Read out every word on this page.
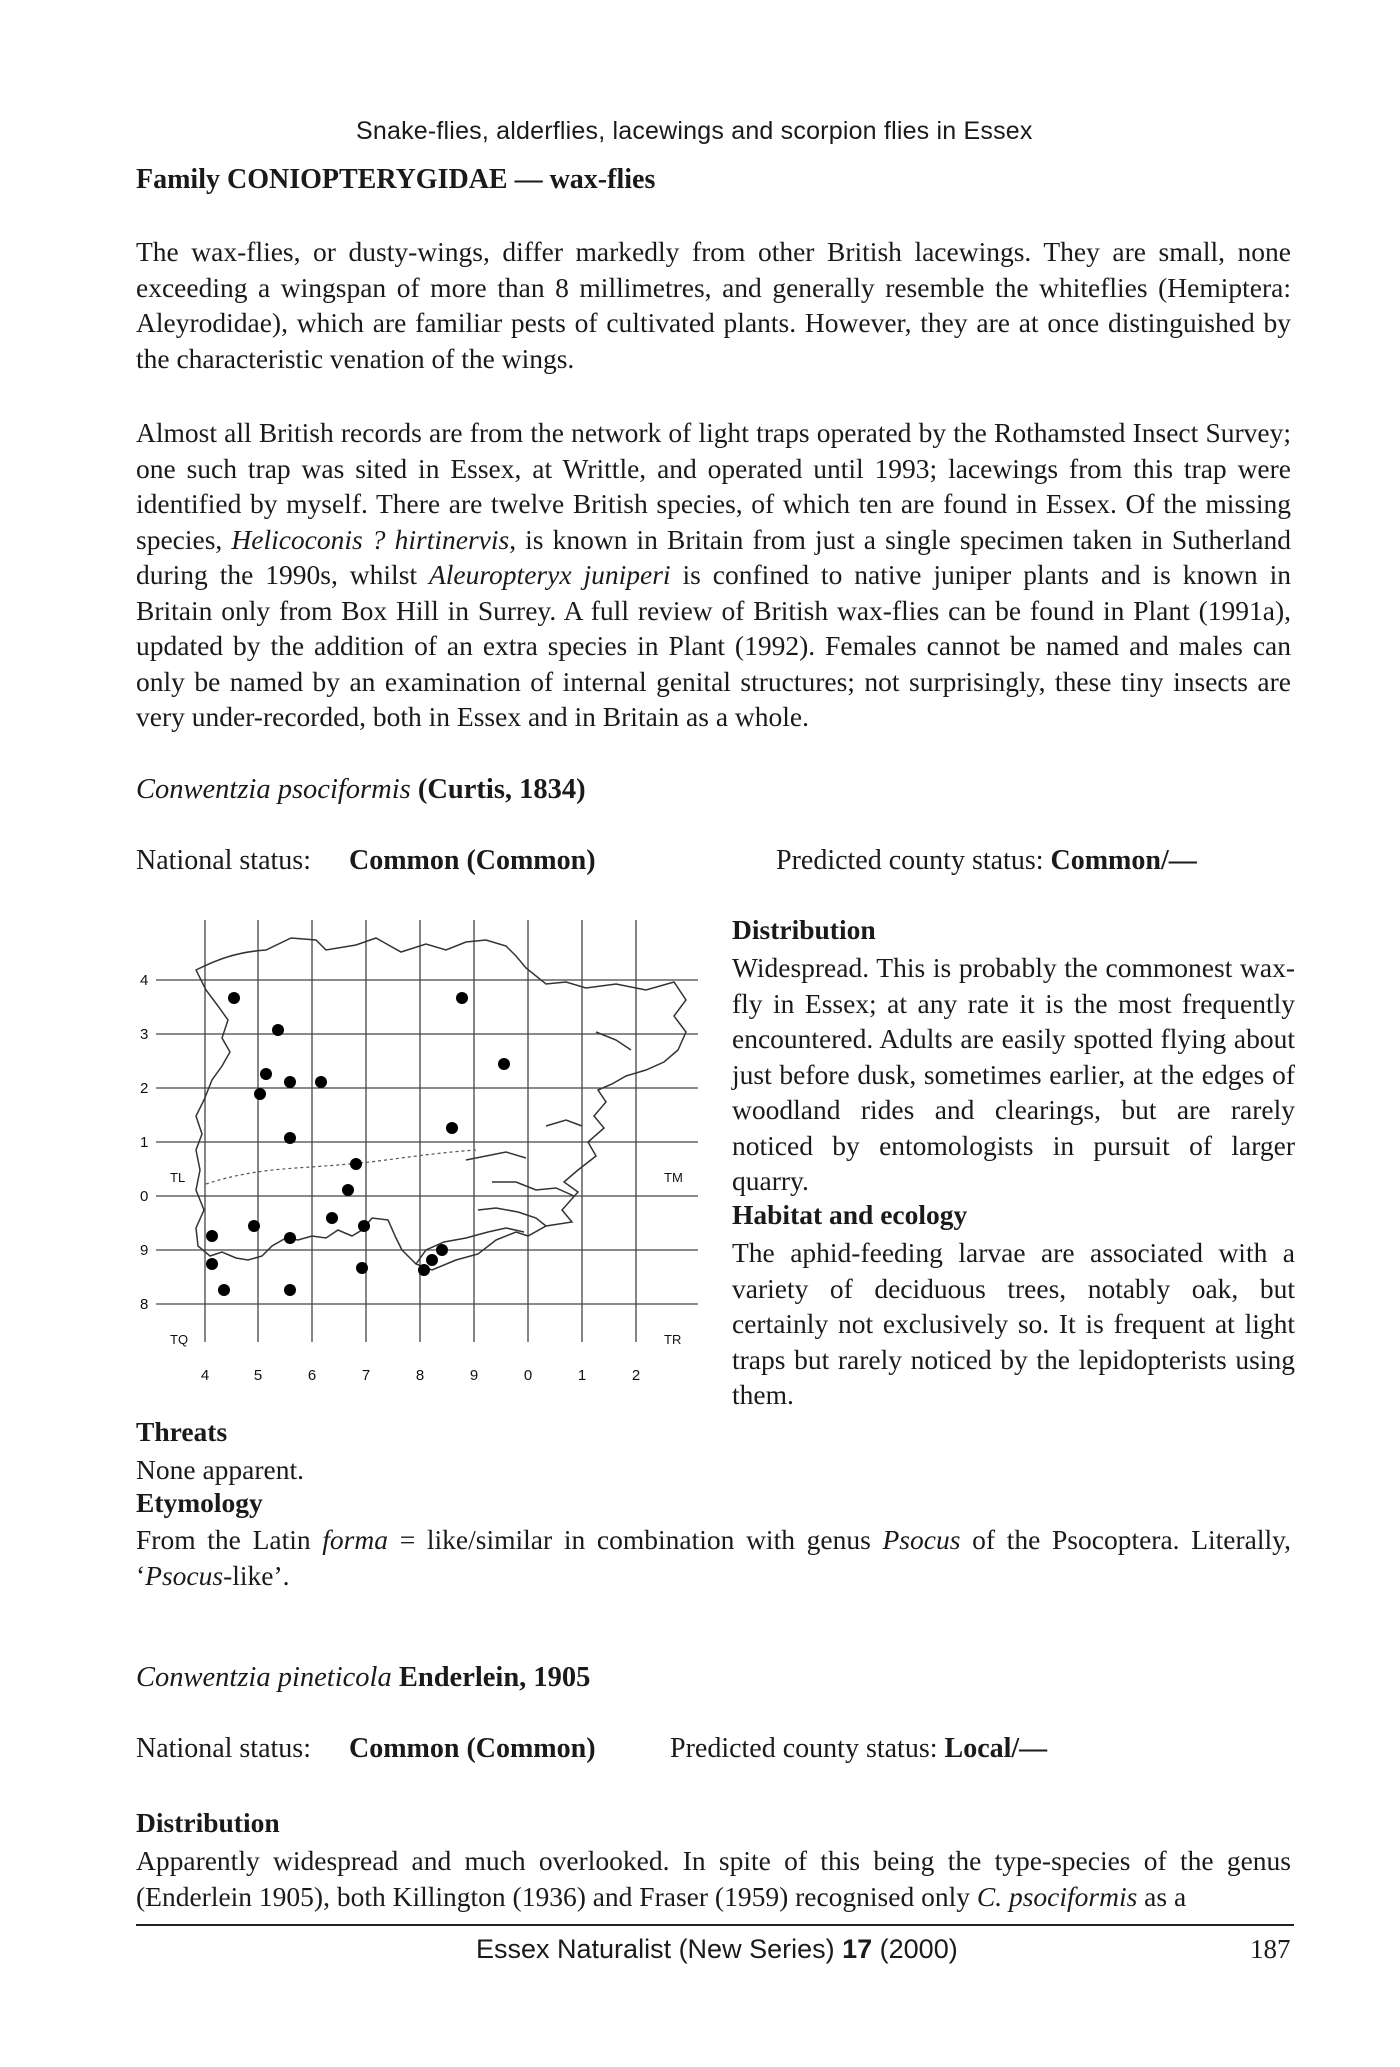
Snake-flies, alderflies, lacewings and scorpion flies in Essex
Family CONIOPTERYGIDAE — wax-flies

The wax-flies, or dusty-wings, differ markedly from other British lacewings. They are small, none exceeding a wingspan of more than 8 millimetres, and generally resemble the whiteflies (Hemiptera: Aleyrodidae), which are familiar pests of cultivated plants. However, they are at once distinguished by the characteristic venation of the wings.

Almost all British records are from the network of light traps operated by the Rothamsted Insect Survey; one such trap was sited in Essex, at Writtle, and operated until 1993; lacewings from this trap were identified by myself. There are twelve British species, of which ten are found in Essex. Of the missing species, Helicoconis ? hirtinervis, is known in Britain from just a single specimen taken in Sutherland during the 1990s, whilst Aleuropteryx juniperi is confined to native juniper plants and is known in Britain only from Box Hill in Surrey. A full review of British wax-flies can be found in Plant (1991a), updated by the addition of an extra species in Plant (1992). Females cannot be named and males can only be named by an examination of internal genital structures; not surprisingly, these tiny insects are very under-recorded, both in Essex and in Britain as a whole.

Conwentzia psociformis (Curtis, 1834)
National status: Common (Common)	Predicted county status: Common/—
4
3
2
1
0
9
8
4	5	6	7	8	9	0	1	2
TL	TM
TQ	TR
Distribution

Widespread. This is probably the commonest wax-fly in Essex; at any rate it is the most frequently encountered. Adults are easily spotted flying about just before dusk, sometimes earlier, at the edges of woodland rides and clearings, but are rarely noticed by entomologists in pursuit of larger quarry.

Habitat and ecology

The aphid-feeding larvae are associated with a variety of deciduous trees, notably oak, but certainly not exclusively so. It is frequent at light traps but rarely noticed by the lepidopterists using them.

Threats
None apparent.
Etymology

From the Latin forma = like/similar in combination with genus Psocus of the Psocoptera. Literally, ‘Psocus-like’.

Conwentzia pineticola Enderlein, 1905
National status: Common (Common)	Predicted county status: Local/—
Distribution

Apparently widespread and much overlooked. In spite of this being the type-species of the genus (Enderlein 1905), both Killington (1936) and Fraser (1959) recognised only C. psociformis as a

Essex Naturalist (New Series) 17 (2000)	187
